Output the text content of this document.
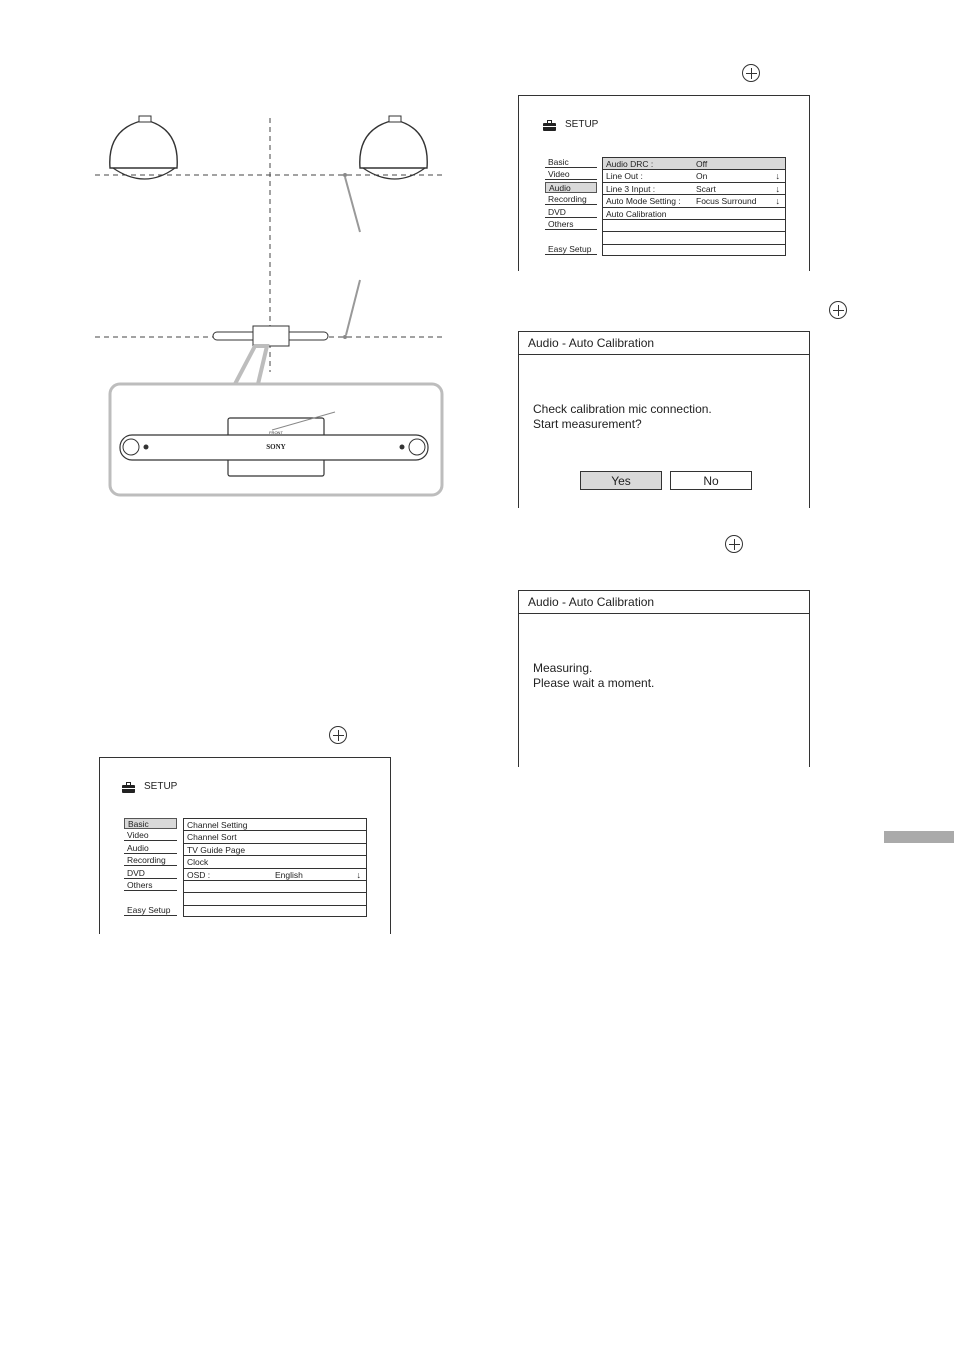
FRONT
SONY
SETUP
Basic
Video
Audio
Recording
DVD
Others
Easy Setup
Audio DRC :	Off
Line Out :	On	↓
Line 3 Input :	Scart	↓
Auto Mode Setting : Focus Surround ↓
Auto Calibration
Audio - Auto Calibration
Check calibration mic connection.
Start measurement?
Yes	No
Audio - Auto Calibration
Measuring.
Please wait a moment.
SETUP
Basic
Video
Audio
Recording
DVD
Others
Easy Setup
Channel Setting
Channel Sort
TV Guide Page
Clock
OSD :	English	↓
